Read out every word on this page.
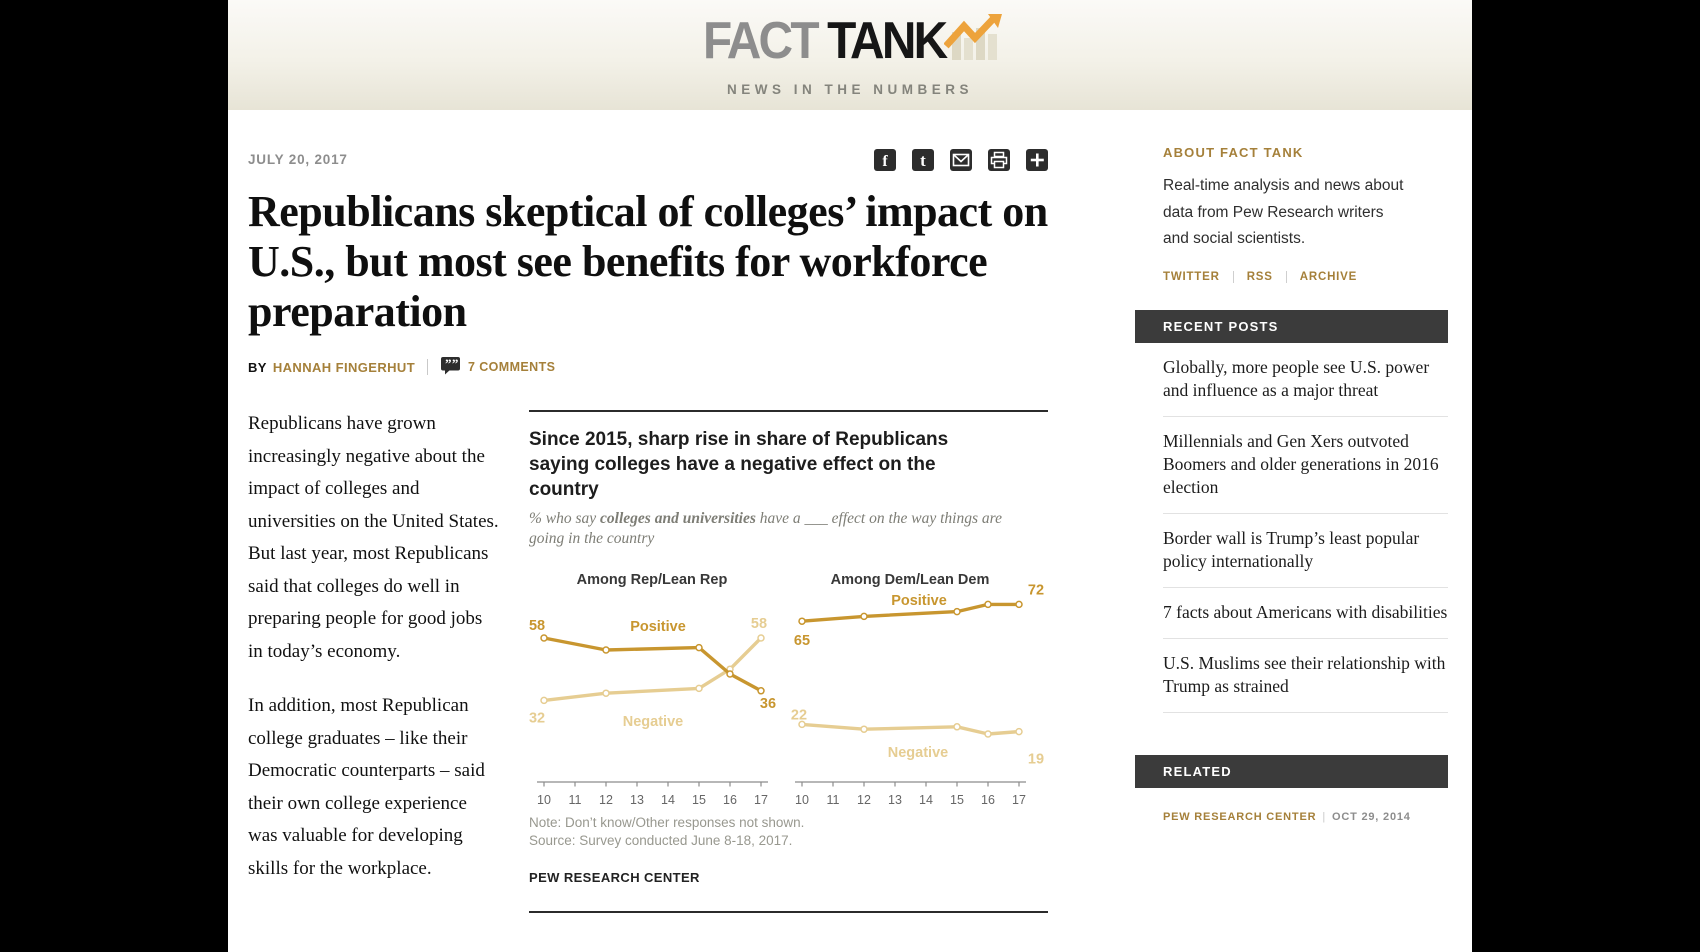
FACT TANK
NEWS IN THE NUMBERS
JULY 20, 2017	f t
Republicans skeptical of colleges’ impact on U.S., but most see benefits for workforce preparation
BY HANNAH FINGERHUT ”” 7 COMMENTS
Since 2015, sharp rise in share of Republicans saying colleges have a negative effect on the country
% who say colleges and universities have a ___ effect on the way things are going in the country
Among Rep/Lean Rep
10 11 12 13 14 15 16 17
32
58
Negative
58
36
Positive
Among Dem/Lean Dem
10 11 12 13 14 15 16 17
22
19
Negative
65
72
Positive
Note: Don’t know/Other responses not shown.
Source: Survey conducted June 8-18, 2017.
PEW RESEARCH CENTER

Republicans have grown increasingly negative about the impact of colleges and universities on the United States. But last year, most Republicans said that colleges do well in preparing people for good jobs in today’s economy.

In addition, most Republican college graduates – like their Democratic counterparts – said their own college experience was valuable for developing skills for the workplace.

ABOUT FACT TANK
Real-time analysis and news about data from Pew Research writers and social scientists.
TWITTER RSS ARCHIVE
RECENT POSTS
Globally, more people see U.S. power and influence as a major threat
Millennials and Gen Xers outvoted Boomers and older generations in 2016 election
Border wall is Trump’s least popular policy internationally
7 facts about Americans with disabilities
U.S. Muslims see their relationship with Trump as strained
RELATED
PEW RESEARCH CENTER | OCT 29, 2014
